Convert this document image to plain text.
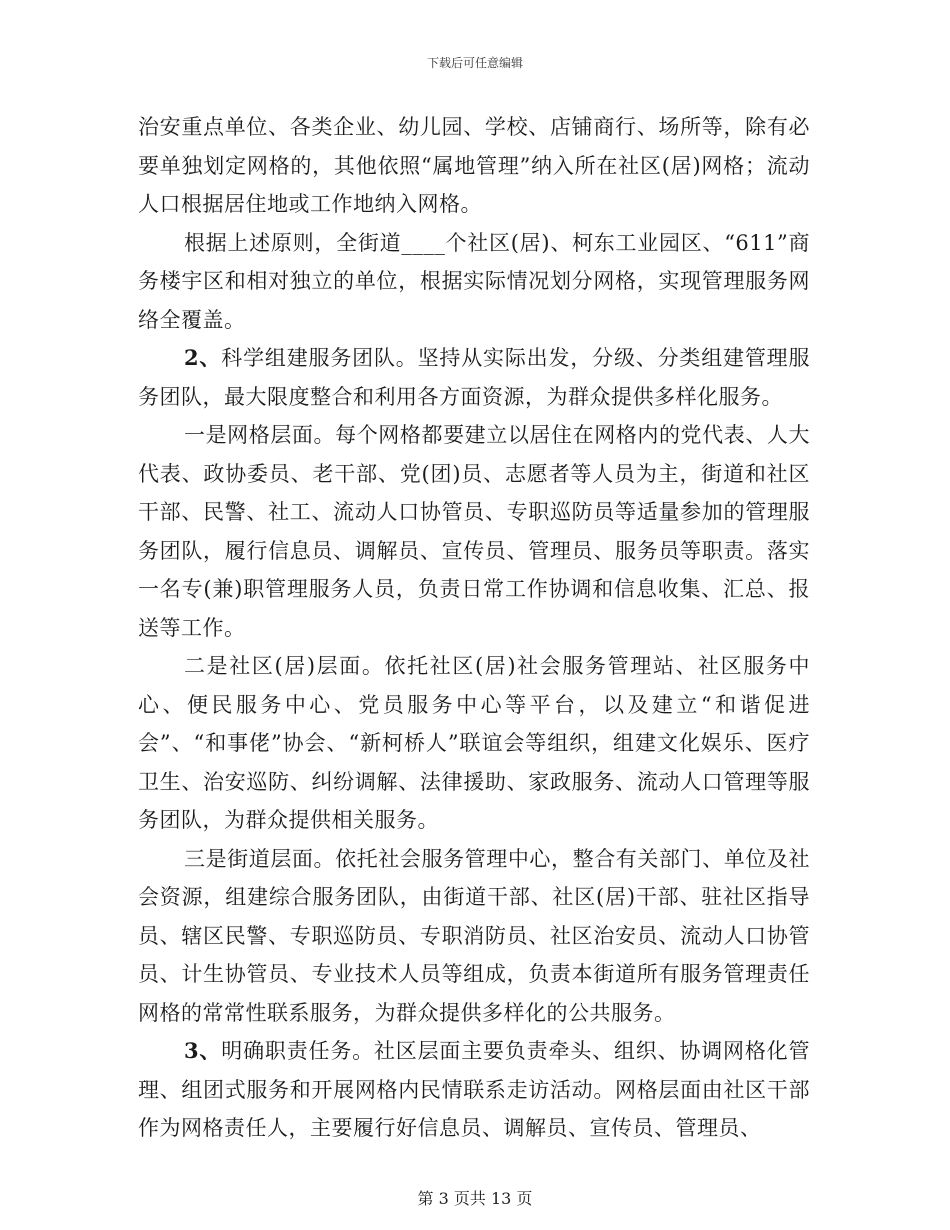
下载后可任意编辑

治安重点单位、各类企业、幼儿园、学校、店铺商行、场所等，除有必要单独划定网格的，其他依照“属地管理”纳入所在社区(居)网格；流动人口根据居住地或工作地纳入网格。

根据上述原则，全街道____个社区(居)、柯东工业园区、“611”商务楼宇区和相对独立的单位，根据实际情况划分网格，实现管理服务网络全覆盖。

2、科学组建服务团队。坚持从实际出发，分级、分类组建管理服务团队，最大限度整合和利用各方面资源，为群众提供多样化服务。

一是网格层面。每个网格都要建立以居住在网格内的党代表、人大代表、政协委员、老干部、党(团)员、志愿者等人员为主，街道和社区干部、民警、社工、流动人口协管员、专职巡防员等适量参加的管理服务团队，履行信息员、调解员、宣传员、管理员、服务员等职责。落实一名专(兼)职管理服务人员，负责日常工作协调和信息收集、汇总、报送等工作。

二是社区(居)层面。依托社区(居)社会服务管理站、社区服务中心、便民服务中心、党员服务中心等平台，以及建立“和谐促进会”、“和事佬”协会、“新柯桥人”联谊会等组织，组建文化娱乐、医疗卫生、治安巡防、纠纷调解、法律援助、家政服务、流动人口管理等服务团队，为群众提供相关服务。

三是街道层面。依托社会服务管理中心，整合有关部门、单位及社会资源，组建综合服务团队，由街道干部、社区(居)干部、驻社区指导员、辖区民警、专职巡防员、专职消防员、社区治安员、流动人口协管员、计生协管员、专业技术人员等组成，负责本街道所有服务管理责任网格的常常性联系服务，为群众提供多样化的公共服务。

3、明确职责任务。社区层面主要负责牵头、组织、协调网格化管理、组团式服务和开展网格内民情联系走访活动。网格层面由社区干部作为网格责任人，主要履行好信息员、调解员、宣传员、管理员、

第 3 页共 13 页
